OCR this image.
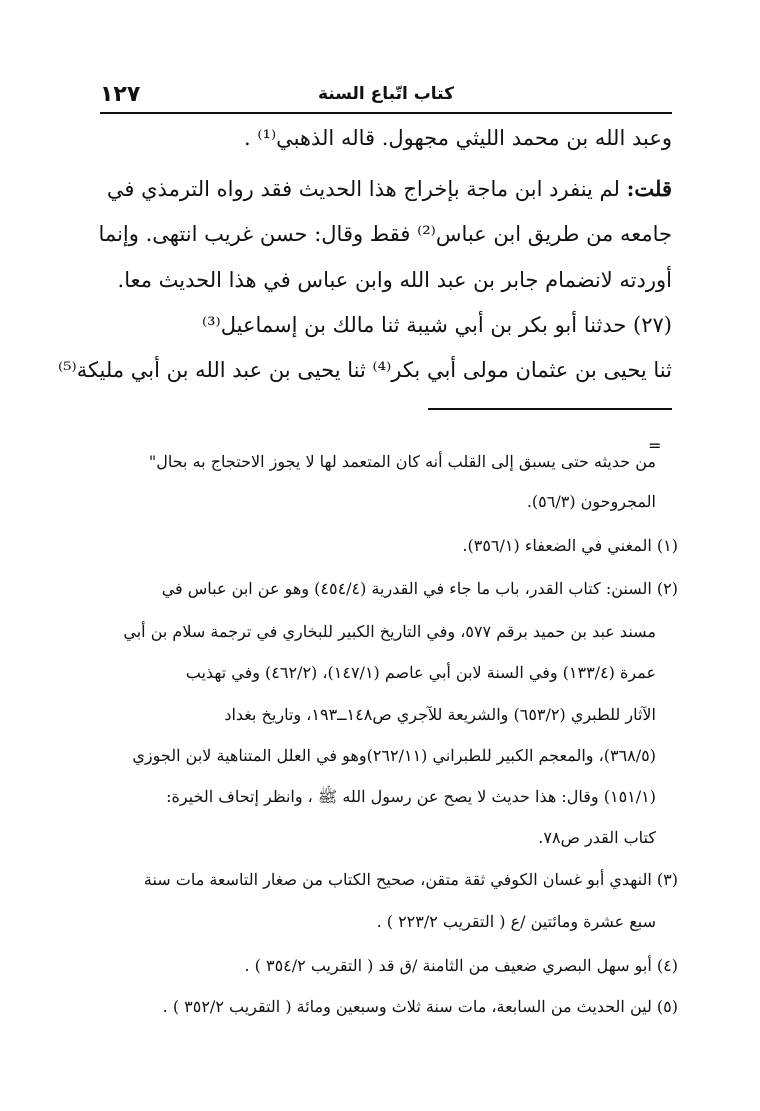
كتاب اتّباع السنة
١٢٧
وعبد الله بن محمد الليثي مجهول. قاله الذهبي⁽¹⁾ .
قلت: لم ينفرد ابن ماجة بإخراج هذا الحديث فقد رواه الترمذي في
جامعه من طريق ابن عباس⁽²⁾ فقط وقال: حسن غريب انتهى. وإنما
أوردته لانضمام جابر بن عبد الله وابن عباس في هذا الحديث معا.
(٢٧) حدثنا أبو بكر بن أبي شيبة ثنا مالك بن إسماعيل⁽³⁾
ثنا يحيى بن عثمان مولى أبي بكر⁽⁴⁾ ثنا يحيى بن عبد الله بن أبي مليكة⁽⁵⁾
=
من حديثه حتى يسبق إلى القلب أنه كان المتعمد لها لا يجوز الاحتجاج به بحال"
المجروحون (٥٦/٣).
(١) المغني في الضعفاء (٣٥٦/١).
(٢) السنن: كتاب القدر، باب ما جاء في القدرية (٤٥٤/٤) وهو عن ابن عباس في
مسند عبد بن حميد برقم ٥٧٧، وفي التاريخ الكبير للبخاري في ترجمة سلام بن أبي
عمرة (١٣٣/٤) وفي السنة لابن أبي عاصم (١٤٧/١)، (٤٦٢/٢) وفي تهذيب
الآثار للطبري (٦٥٣/٢) والشريعة للآجري ص١٤٨ــ١٩٣، وتاريخ بغداد
(٣٦٨/٥)، والمعجم الكبير للطبراني (٢٦٢/١١)وهو في العلل المتناهية لابن الجوزي
(١٥١/١) وقال: هذا حديث لا يصح عن رسول الله ﷺ ، وانظر إتحاف الخيرة:
كتاب القدر ص٧٨.
(٣) النهدي أبو غسان الكوفي ثقة متقن، صحيح الكتاب من صغار التاسعة مات سنة
سبع عشرة ومائتين /ع ( التقريب ٢٢٣/٢ ) .
(٤) أبو سهل البصري ضعيف من الثامنة /ق قد ( التقريب ٣٥٤/٢ ) .
(٥) لين الحديث من السابعة، مات سنة ثلاث وسبعين ومائة ( التقريب ٣٥٢/٢ ) .
